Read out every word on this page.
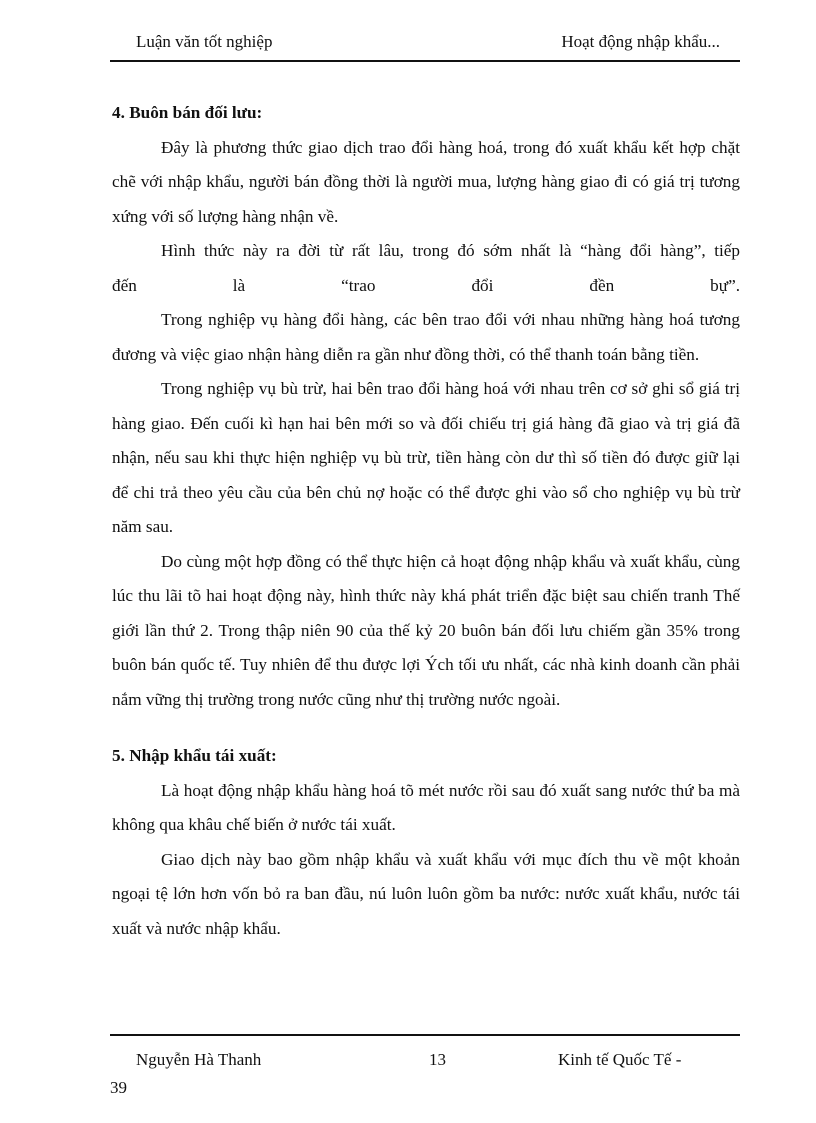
Luận văn tốt nghiệp	Hoạt động nhập khẩu...

4. Buôn bán đối lưu:

Đây là phương thức giao dịch trao đổi hàng hoá, trong đó xuất khẩu kết hợp chặt chẽ với nhập khẩu, người bán đồng thời là người mua, lượng hàng giao đi có giá trị tương xứng với số lượng hàng nhận về.

Hình thức này ra đời từ rất lâu, trong đó sớm nhất là “hàng đổi hàng”, tiếp

đến là “trao đổi đền bự”.

Trong nghiệp vụ hàng đổi hàng, các bên trao đổi với nhau những hàng hoá tương đương và việc giao nhận hàng diễn ra gần như đồng thời, có thể thanh toán bằng tiền.

Trong nghiệp vụ bù trừ, hai bên trao đổi hàng hoá với nhau trên cơ sở ghi sổ giá trị hàng giao. Đến cuối kì hạn hai bên mới so và đối chiếu trị giá hàng đã giao và trị giá đã nhận, nếu sau khi thực hiện nghiệp vụ bù trừ, tiền hàng còn dư thì số tiền đó được giữ lại để chi trả theo yêu cầu của bên chủ nợ hoặc có thể được ghi vào sổ cho nghiệp vụ bù trừ năm sau.

Do cùng một hợp đồng có thể thực hiện cả hoạt động nhập khẩu và xuất khẩu, cùng lúc thu lãi tõ hai hoạt động này, hình thức này khá phát triển đặc biệt sau chiến tranh Thế giới lần thứ 2. Trong thập niên 90 của thế kỷ 20 buôn bán đối lưu chiếm gần 35% trong buôn bán quốc tế. Tuy nhiên để thu được lợi Ých tối ưu nhất, các nhà kinh doanh cần phải nắm vững thị trường trong nước cũng như thị trường nước ngoài.

5. Nhập khẩu tái xuất:

Là hoạt động nhập khẩu hàng hoá tõ mét nước rồi sau đó xuất sang nước thứ ba mà không qua khâu chế biến ở nước tái xuất.

Giao dịch này bao gồm nhập khẩu và xuất khẩu với mục đích thu về một khoản ngoại tệ lớn hơn vốn bỏ ra ban đầu, nú luôn luôn gồm ba nước: nước xuất khẩu, nước tái xuất và nước nhập khẩu.

Nguyễn Hà Thanh	13	Kinh tế Quốc Tế -
39
